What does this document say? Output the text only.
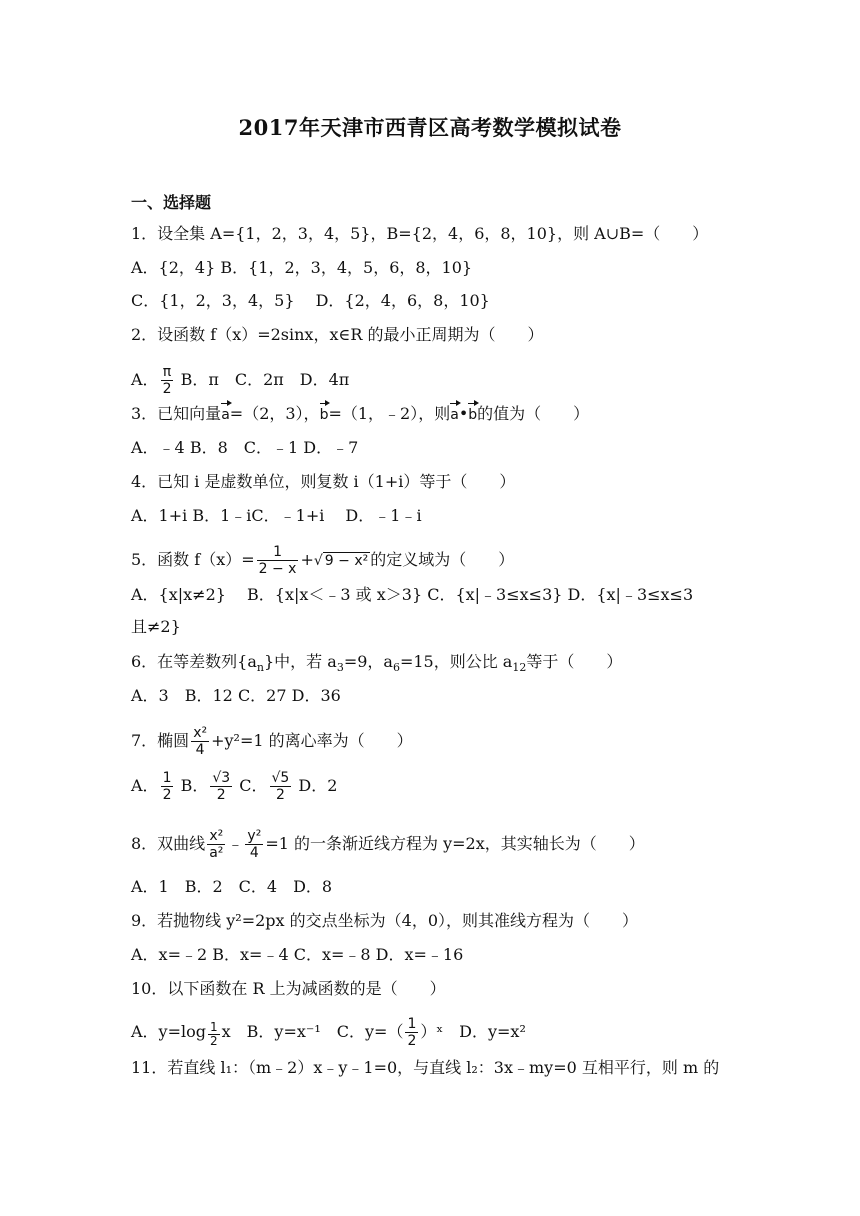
2017年天津市西青区高考数学模拟试卷
一、选择题
1．设全集 A={1，2，3，4，5}，B={2，4，6，8，10}，则 A∪B=（　　）
A．{2，4} B．{1，2，3，4，5，6，8，10}
C．{1，2，3，4，5}　 D．{2，4，6，8，10}
2．设函数 f（x）=2sinx，x∈R 的最小正周期为（　　）
A． $\frac{\pi}{2}$ B．π　C．2π　D．4π
3．已知向量a=（2，3），b=（1，﹣2），则a•b的值为（　　）
A．﹣4 B．8　C．﹣1 D．﹣7
4．已知 i 是虚数单位，则复数 i（1+i）等于（　　）
A．1+i B．1﹣iC．﹣1+i　 D．﹣1﹣i
5．函数 $f(x)= \frac{1}{2 - x}$ +√ 9 − x² 的定义域为（　　）
A．{x|x≠2}　 B．{x|x＜﹣3 或 x＞3} C．{x|﹣3≤x≤3} D．{x|﹣3≤x≤3
且≠2}
6．在等差数列$\{a_n\}$中，若 $a_3=9$，$a_6=15$，则公比 $a_{12}$等于（　　）
A．3　B．12 C．27 D．36
7．椭圆 $\frac{\text{x²}}{4} +y^2=1$ 的离心率为（　　）
A． $\frac{1}{2}$ B． $\frac{√3}{2}$ C． $\frac{√5}{2}$ D．2
8．双曲线 $\frac{\text{x²}}{\text{a²}}$ ﹣ $\frac{\text{y²}}{4} =1$ 的一条渐近线方程为 y=2x，其实轴长为（　　）
A．1　B．2　C．4　D．8
9．若抛物线 y²=2px 的交点坐标为（4，0），则其准线方程为（　　）
A．x=﹣2 B．x=﹣4 C．x=﹣8 D．x=﹣16
10．以下函数在 R 上为减函数的是（　　）
A．$y=\log \frac{1}{2}$ x　B．y=x⁻¹　C．$y=( \frac{1}{2}$ ）ˣ　D．y=x²
11．若直线 l₁：（m﹣2）x﹣y﹣1=0，与直线 l₂：3x﹣my=0 互相平行，则 m 的
